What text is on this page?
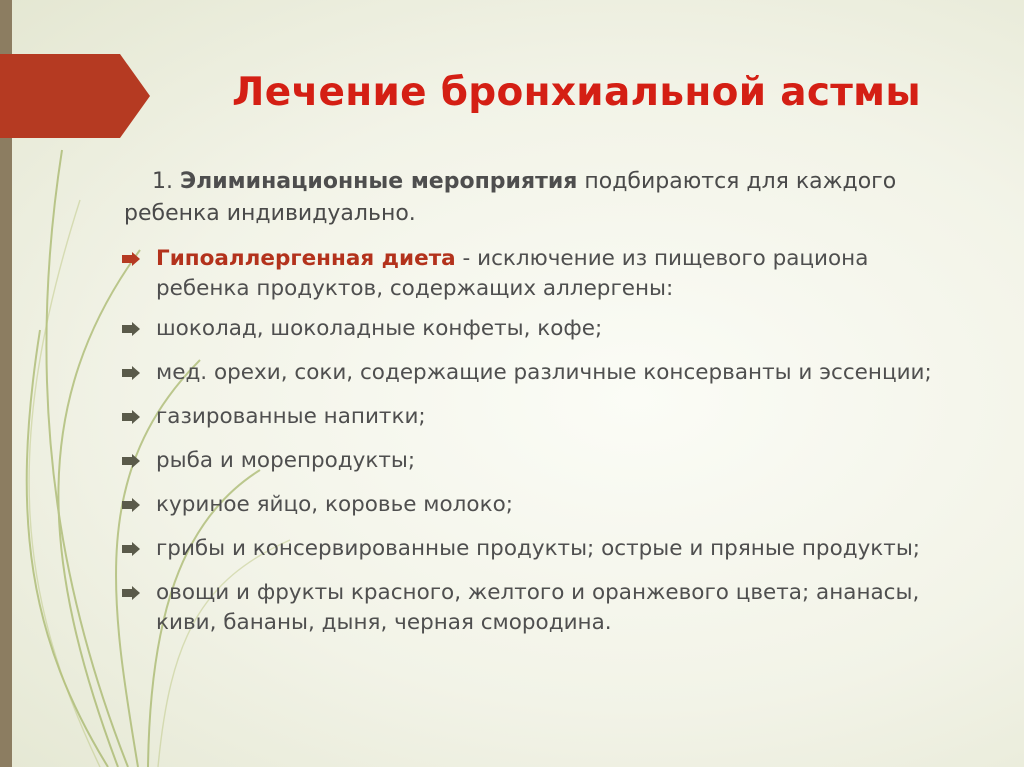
Лечение бронхиальной астмы
1. Элиминационные мероприятия подбираются для каждого ребенка индивидуально.
Гипоаллергенная диета - исключение из пищевого рациона ребенка продуктов, содержащих аллергены:
шоколад, шоколадные конфеты, кофе;
мед. орехи, соки, содержащие различные консерванты и эссенции;
газированные напитки;
рыба и морепродукты;
куриное яйцо, коровье молоко;
грибы и консервированные продукты; острые и пряные продукты;
овощи и фрукты красного, желтого и оранжевого цвета; ананасы, киви, бананы, дыня, черная смородина.
